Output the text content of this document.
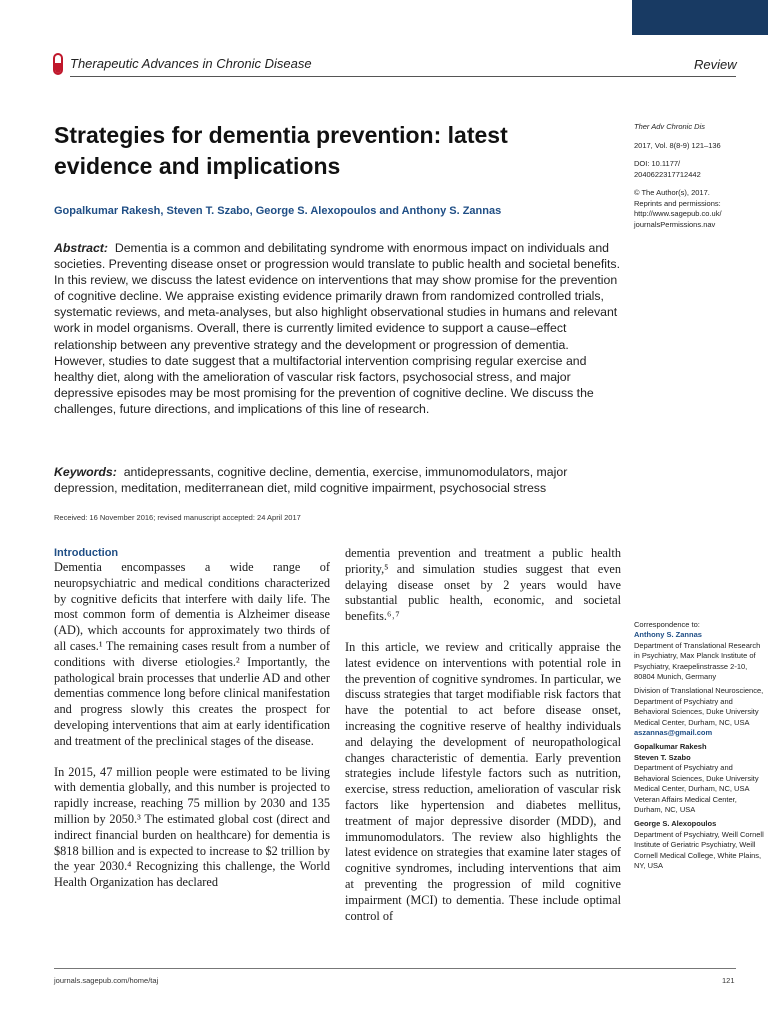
Therapeutic Advances in Chronic Disease	Review
Strategies for dementia prevention: latest
evidence and implications
Gopalkumar Rakesh, Steven T. Szabo, George S. Alexopoulos and Anthony S. Zannas
Ther Adv Chronic Dis
2017, Vol. 8(8-9) 121–136
DOI: 10.1177/
2040622317712442
© The Author(s), 2017.
Reprints and permissions:
http://www.sagepub.co.uk/
journalsPermissions.nav
Abstract: Dementia is a common and debilitating syndrome with enormous impact on individuals and societies. Preventing disease onset or progression would translate to public health and societal benefits. In this review, we discuss the latest evidence on interventions that may show promise for the prevention of cognitive decline. We appraise existing evidence primarily drawn from randomized controlled trials, systematic reviews, and meta-analyses, but also highlight observational studies in humans and relevant work in model organisms. Overall, there is currently limited evidence to support a cause–effect relationship between any preventive strategy and the development or progression of dementia. However, studies to date suggest that a multifactorial intervention comprising regular exercise and healthy diet, along with the amelioration of vascular risk factors, psychosocial stress, and major depressive episodes may be most promising for the prevention of cognitive decline. We discuss the challenges, future directions, and implications of this line of research.
Keywords: antidepressants, cognitive decline, dementia, exercise, immunomodulators, major depression, meditation, mediterranean diet, mild cognitive impairment, psychosocial stress
Received: 16 November 2016; revised manuscript accepted: 24 April 2017
Introduction

Dementia encompasses a wide range of neuropsychiatric and medical conditions characterized by cognitive deficits that interfere with daily life. The most common form of dementia is Alzheimer disease (AD), which accounts for approximately two thirds of all cases.¹ The remaining cases result from a number of conditions with diverse etiologies.² Importantly, the pathological brain processes that underlie AD and other dementias commence long before clinical manifestation and progress slowly this creates the prospect for developing interventions that aim at early identification and treatment of the preclinical stages of the disease.

In 2015, 47 million people were estimated to be living with dementia globally, and this number is projected to rapidly increase, reaching 75 million by 2030 and 135 million by 2050.³ The estimated global cost (direct and indirect financial burden on healthcare) for dementia is $818 billion and is expected to increase to $2 trillion by the year 2030.⁴ Recognizing this challenge, the World Health Organization has declared

dementia prevention and treatment a public health priority,⁵ and simulation studies suggest that even delaying disease onset by 2 years would have substantial public health, economic, and societal benefits.⁶˒⁷

In this article, we review and critically appraise the latest evidence on interventions with potential role in the prevention of cognitive syndromes. In particular, we discuss strategies that target modifiable risk factors that have the potential to act before disease onset, increasing the cognitive reserve of healthy individuals and delaying the development of neuropathological changes characteristic of dementia. Early prevention strategies include lifestyle factors such as nutrition, exercise, stress reduction, amelioration of vascular risk factors like hypertension and diabetes mellitus, treatment of major depressive disorder (MDD), and immunomodulators. The review also highlights the latest evidence on strategies that examine later stages of cognitive syndromes, including interventions that aim at preventing the progression of mild cognitive impairment (MCI) to dementia. These include optimal control of

Correspondence to:
Anthony S. Zannas
Department of Translational Research in Psychiatry, Max Planck Institute of Psychiatry, Kraepelinstrasse 2-10, 80804 Munich, Germany
Division of Translational Neuroscience, Department of Psychiatry and Behavioral Sciences, Duke University Medical Center, Durham, NC, USA
aszannas@gmail.com
Gopalkumar Rakesh
Steven T. Szabo
Department of Psychiatry and Behavioral Sciences, Duke University Medical Center, Durham, NC, USA
Veteran Affairs Medical Center, Durham, NC, USA
George S. Alexopoulos
Department of Psychiatry, Weill Cornell Institute of Geriatric Psychiatry, Weill Cornell Medical College, White Plains, NY, USA
journals.sagepub.com/home/taj	121
